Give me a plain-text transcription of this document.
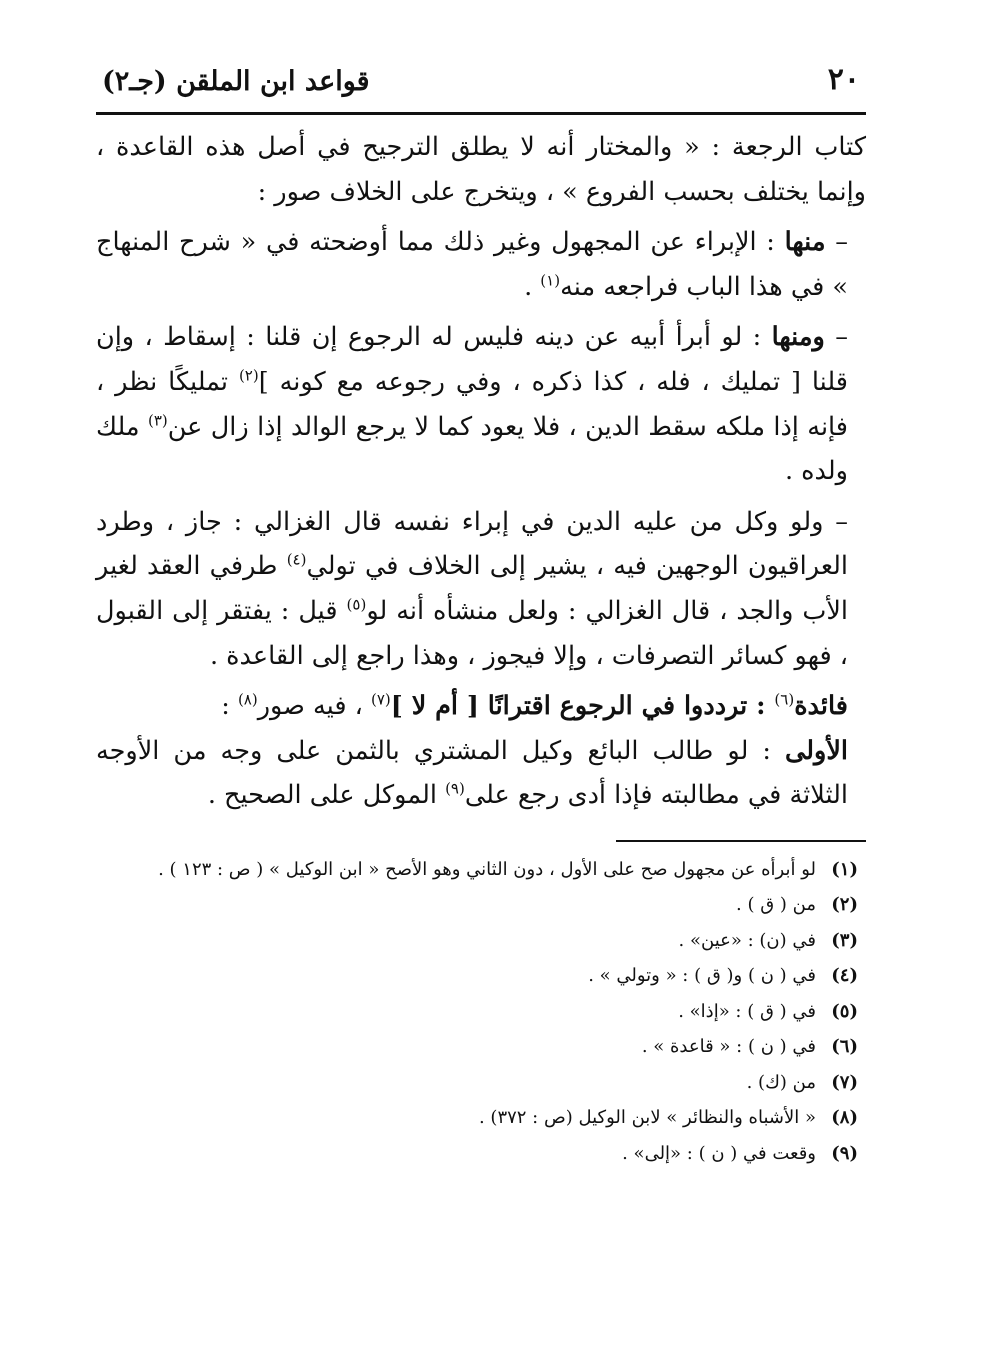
٢٠
قواعد ابن الملقن (جـ٢)

كتاب الرجعة : « والمختار أنه لا يطلق الترجيح في أصل هذه القاعدة ، وإنما يختلف بحسب الفروع » ، ويتخرج على الخلاف صور :

– منها : الإبراء عن المجهول وغير ذلك مما أوضحته في « شرح المنهاج » في هذا الباب فراجعه منه$^{(١)}$ .

– ومنها : لو أبرأ أبيه عن دينه فليس له الرجوع إن قلنا : إسقاط ، وإن قلنا [ تمليك ، فله ، كذا ذكره ، وفي رجوعه مع كونه ]$^{(٢)}$ تمليكًا نظر ، فإنه إذا ملكه سقط الدين ، فلا يعود كما لا يرجع الوالد إذا زال عن$^{(٣)}$ ملك ولده .

– ولو وكل من عليه الدين في إبراء نفسه قال الغزالي : جاز ، وطرد العراقيون الوجهين فيه ، يشير إلى الخلاف في تولي$^{(٤)}$ طرفي العقد لغير الأب والجد ، قال الغزالي : ولعل منشأه أنه لو$^{(٥)}$ قيل : يفتقر إلى القبول ، فهو كسائر التصرفات ، وإلا فيجوز ، وهذا راجع إلى القاعدة .

فائدة$^{(٦)}$ : ترددوا في الرجوع اقترانًا [ أم لا ]$^{(٧)}$ ، فيه صور$^{(٨)}$ :

الأولى : لو طالب البائع وكيل المشتري بالثمن على وجه من الأوجه الثلاثة في مطالبته فإذا أدى رجع على$^{(٩)}$ الموكل على الصحيح .

(١)
لو أبرأه عن مجهول صح على الأول ، دون الثاني وهو الأصح « ابن الوكيل » ( ص : ١٢٣ ) .
(٢)
من ( ق ) .
(٣)
في (ن) : «عين» .
(٤)
في ( ن ) و( ق ) : « وتولي » .
(٥)
في ( ق ) : «إذا» .
(٦)
في ( ن ) : « قاعدة » .
(٧)
من (ك) .
(٨)
« الأشباه والنظائر » لابن الوكيل (ص : ٣٧٢) .
(٩)
وقعت في ( ن ) : «إلى» .
